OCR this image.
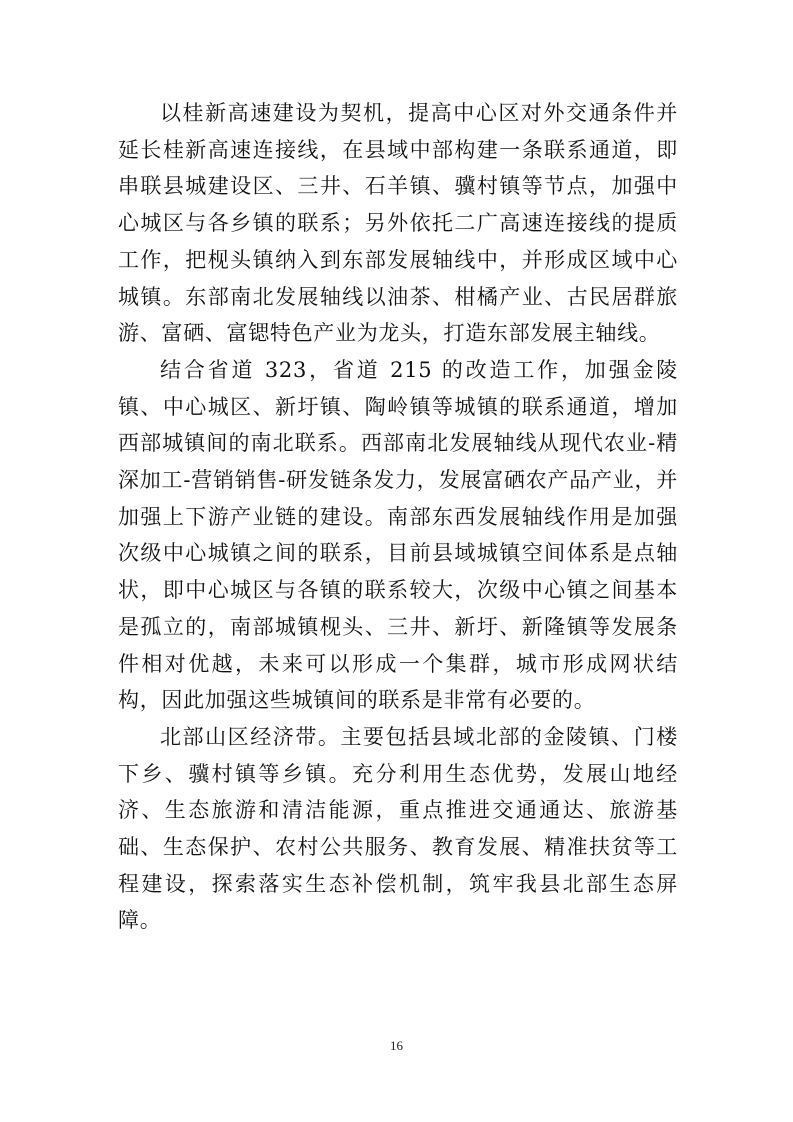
以桂新高速建设为契机，提高中心区对外交通条件并延长桂新高速连接线，在县域中部构建一条联系通道，即串联县城建设区、三井、石羊镇、骥村镇等节点，加强中心城区与各乡镇的联系；另外依托二广高速连接线的提质工作，把枧头镇纳入到东部发展轴线中，并形成区域中心城镇。东部南北发展轴线以油茶、柑橘产业、古民居群旅游、富硒、富锶特色产业为龙头，打造东部发展主轴线。

结合省道 323，省道 215 的改造工作，加强金陵镇、中心城区、新圩镇、陶岭镇等城镇的联系通道，增加西部城镇间的南北联系。西部南北发展轴线从现代农业-精深加工-营销销售-研发链条发力，发展富硒农产品产业，并加强上下游产业链的建设。南部东西发展轴线作用是加强次级中心城镇之间的联系，目前县域城镇空间体系是点轴状，即中心城区与各镇的联系较大，次级中心镇之间基本是孤立的，南部城镇枧头、三井、新圩、新隆镇等发展条件相对优越，未来可以形成一个集群，城市形成网状结构，因此加强这些城镇间的联系是非常有必要的。

北部山区经济带。主要包括县域北部的金陵镇、门楼下乡、骥村镇等乡镇。充分利用生态优势，发展山地经济、生态旅游和清洁能源，重点推进交通通达、旅游基础、生态保护、农村公共服务、教育发展、精准扶贫等工程建设，探索落实生态补偿机制，筑牢我县北部生态屏障。

16
